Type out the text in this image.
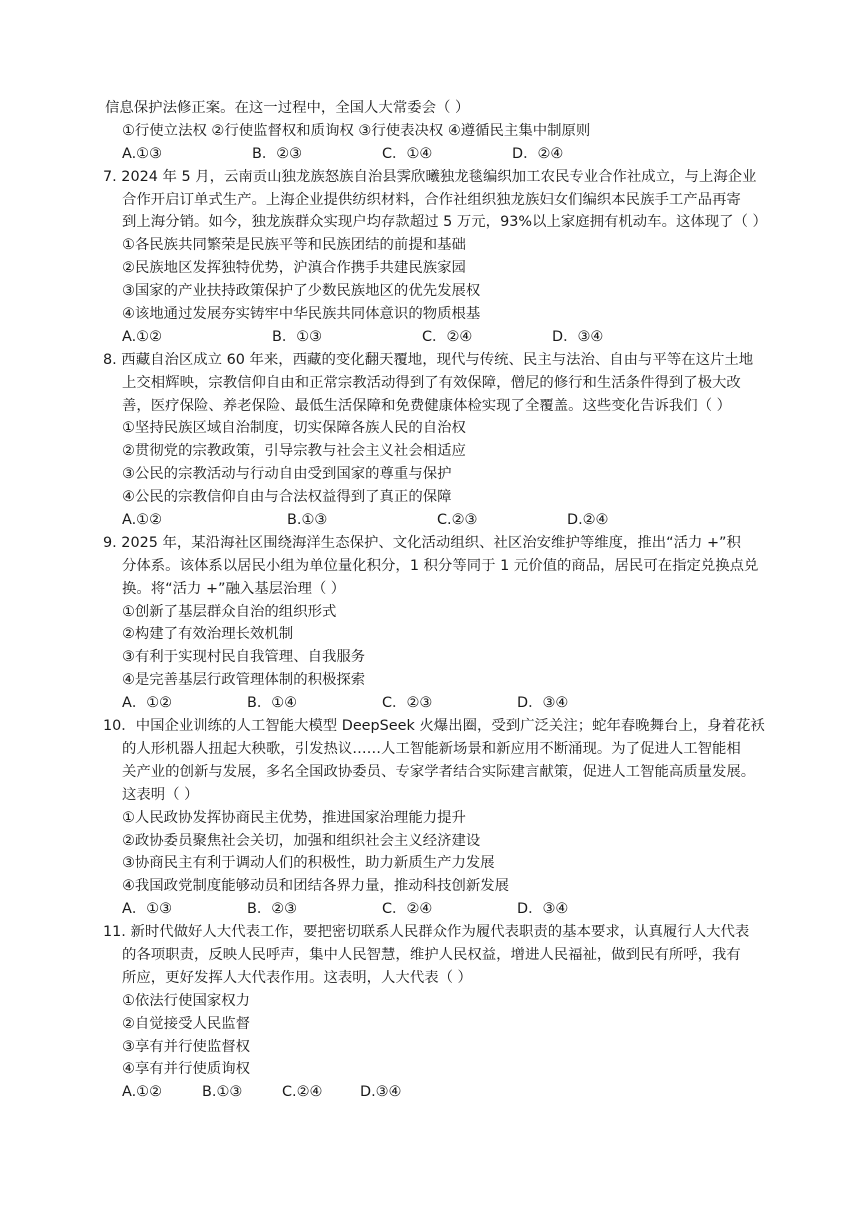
信息保护法修正案。在这一过程中，全国人大常委会（ ）
①行使立法权 ②行使监督权和质询权 ③行使表决权 ④遵循民主集中制原则
A.①③	B．②③	C．①④	D．②④
7. 2024 年 5 月，云南贡山独龙族怒族自治县霁欣曦独龙毯编织加工农民专业合作社成立，与上海企业
合作开启订单式生产。上海企业提供纺织材料，合作社组织独龙族妇女们编织本民族手工产品再寄
到上海分销。如今，独龙族群众实现户均存款超过 5 万元，93%以上家庭拥有机动车。这体现了（ ）
①各民族共同繁荣是民族平等和民族团结的前提和基础
②民族地区发挥独特优势，沪滇合作携手共建民族家园
③国家的产业扶持政策保护了少数民族地区的优先发展权
④该地通过发展夯实铸牢中华民族共同体意识的物质根基
A.①②	B．①③	C．②④	D．③④
8. 西藏自治区成立 60 年来，西藏的变化翻天覆地，现代与传统、民主与法治、自由与平等在这片土地
上交相辉映，宗教信仰自由和正常宗教活动得到了有效保障，僧尼的修行和生活条件得到了极大改
善，医疗保险、养老保险、最低生活保障和免费健康体检实现了全覆盖。这些变化告诉我们（ ）
①坚持民族区域自治制度，切实保障各族人民的自治权
②贯彻党的宗教政策，引导宗教与社会主义社会相适应
③公民的宗教活动与行动自由受到国家的尊重与保护
④公民的宗教信仰自由与合法权益得到了真正的保障
A.①②	B.①③	C.②③	D.②④
9. 2025 年，某沿海社区围绕海洋生态保护、文化活动组织、社区治安维护等维度，推出“活力 +”积
分体系。该体系以居民小组为单位量化积分，1 积分等同于 1 元价值的商品，居民可在指定兑换点兑
换。将“活力 +”融入基层治理（ ）
①创新了基层群众自治的组织形式
②构建了有效治理长效机制
③有利于实现村民自我管理、自我服务
④是完善基层行政管理体制的积极探索
A．①②	B．①④	C．②③	D．③④
10．中国企业训练的人工智能大模型 DeepSeek 火爆出圈，受到广泛关注；蛇年春晚舞台上，身着花袄
的人形机器人扭起大秧歌，引发热议……人工智能新场景和新应用不断涌现。为了促进人工智能相
关产业的创新与发展，多名全国政协委员、专家学者结合实际建言献策，促进人工智能高质量发展。
这表明（ ）
①人民政协发挥协商民主优势，推进国家治理能力提升
②政协委员聚焦社会关切，加强和组织社会主义经济建设
③协商民主有利于调动人们的积极性，助力新质生产力发展
④我国政党制度能够动员和团结各界力量，推动科技创新发展
A．①③	B．②③	C．②④	D．③④
11. 新时代做好人大代表工作，要把密切联系人民群众作为履代表职责的基本要求，认真履行人大代表
的各项职责，反映人民呼声，集中人民智慧，维护人民权益，增进人民福祉，做到民有所呼，我有
所应，更好发挥人大代表作用。这表明，人大代表（ ）
①依法行使国家权力
②自觉接受人民监督
③享有并行使监督权
④享有并行使质询权
A.①②	B.①③	C.②④	D.③④
